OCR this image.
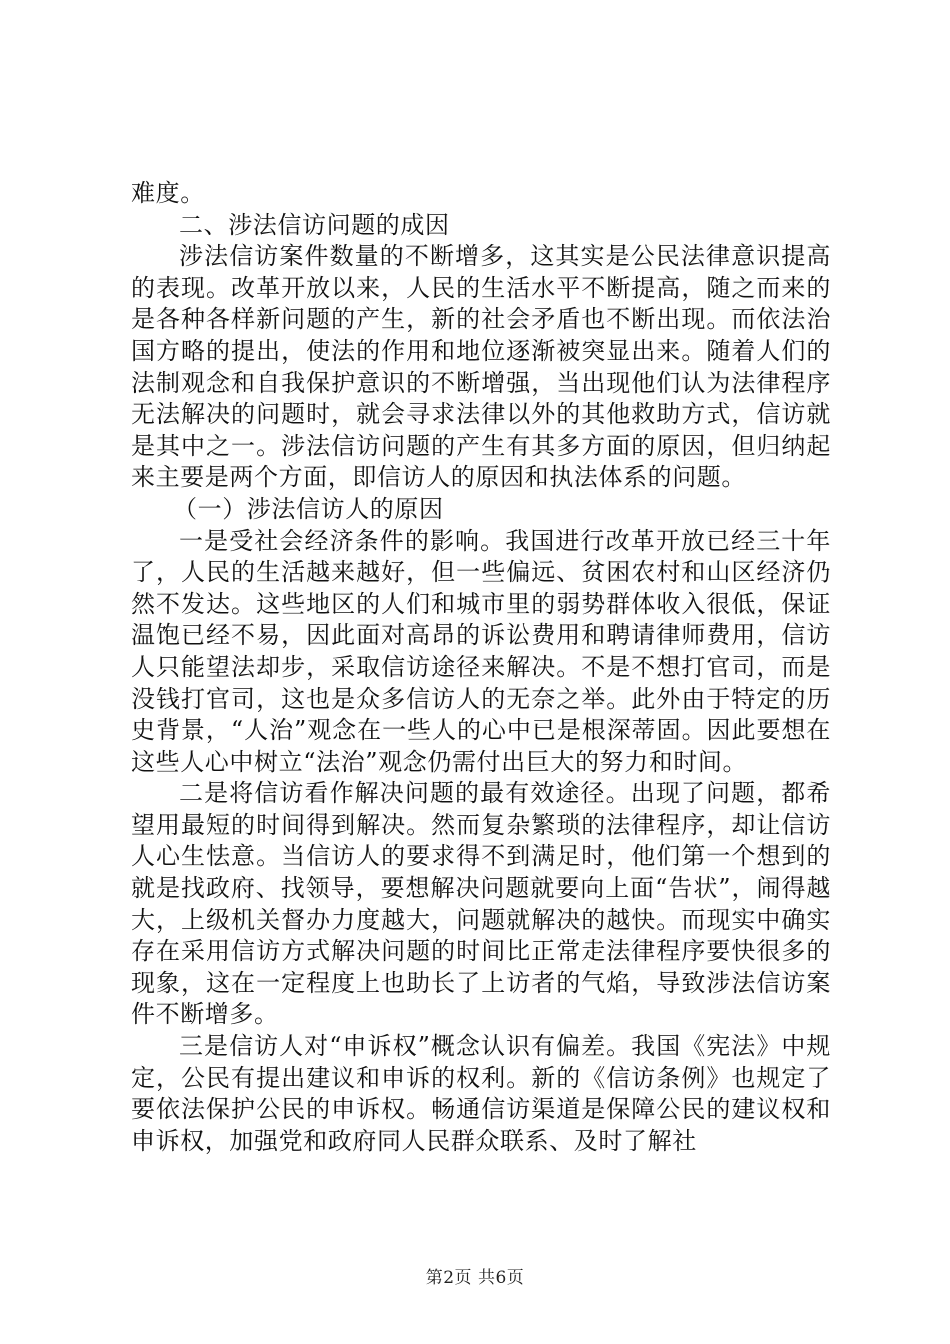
难度。

二、涉法信访问题的成因

涉法信访案件数量的不断增多，这其实是公民法律意识提高的表现。改革开放以来，人民的生活水平不断提高，随之而来的是各种各样新问题的产生，新的社会矛盾也不断出现。而依法治国方略的提出，使法的作用和地位逐渐被突显出来。随着人们的法制观念和自我保护意识的不断增强，当出现他们认为法律程序无法解决的问题时，就会寻求法律以外的其他救助方式，信访就是其中之一。涉法信访问题的产生有其多方面的原因，但归纳起来主要是两个方面，即信访人的原因和执法体系的问题。

（一）涉法信访人的原因

一是受社会经济条件的影响。我国进行改革开放已经三十年了，人民的生活越来越好，但一些偏远、贫困农村和山区经济仍然不发达。这些地区的人们和城市里的弱势群体收入很低，保证温饱已经不易，因此面对高昂的诉讼费用和聘请律师费用，信访人只能望法却步，采取信访途径来解决。不是不想打官司，而是没钱打官司，这也是众多信访人的无奈之举。此外由于特定的历史背景，“人治”观念在一些人的心中已是根深蒂固。因此要想在这些人心中树立“法治”观念仍需付出巨大的努力和时间。

二是将信访看作解决问题的最有效途径。出现了问题，都希望用最短的时间得到解决。然而复杂繁琐的法律程序，却让信访人心生怯意。当信访人的要求得不到满足时，他们第一个想到的就是找政府、找领导，要想解决问题就要向上面“告状”，闹得越大，上级机关督办力度越大，问题就解决的越快。而现实中确实存在采用信访方式解决问题的时间比正常走法律程序要快很多的现象，这在一定程度上也助长了上访者的气焰，导致涉法信访案件不断增多。

三是信访人对“申诉权”概念认识有偏差。我国《宪法》中规定，公民有提出建议和申诉的权利。新的《信访条例》也规定了要依法保护公民的申诉权。畅通信访渠道是保障公民的建议权和申诉权，加强党和政府同人民群众联系、及时了解社

第2页 共6页
